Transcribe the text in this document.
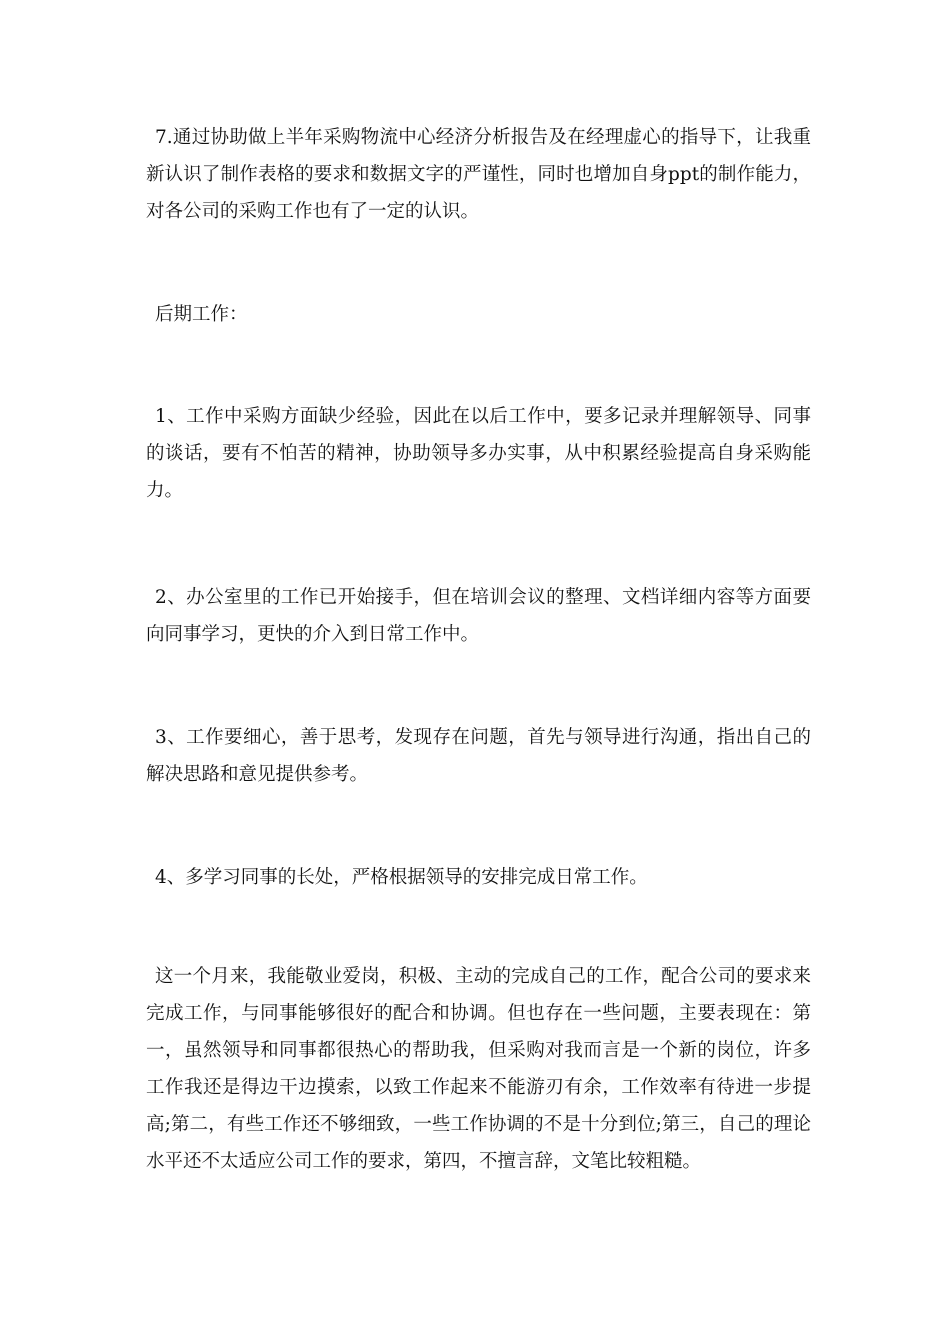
7.通过协助做上半年采购物流中心经济分析报告及在经理虚心的指导下，让我重新认识了制作表格的要求和数据文字的严谨性，同时也增加自身ppt的制作能力，对各公司的采购工作也有了一定的认识。

后期工作：

1、工作中采购方面缺少经验，因此在以后工作中，要多记录并理解领导、同事的谈话，要有不怕苦的精神，协助领导多办实事，从中积累经验提高自身采购能力。

2、办公室里的工作已开始接手，但在培训会议的整理、文档详细内容等方面要向同事学习，更快的介入到日常工作中。

3、工作要细心，善于思考，发现存在问题，首先与领导进行沟通，指出自己的解决思路和意见提供参考。

4、多学习同事的长处，严格根据领导的安排完成日常工作。

这一个月来，我能敬业爱岗，积极、主动的完成自己的工作，配合公司的要求来完成工作，与同事能够很好的配合和协调。但也存在一些问题，主要表现在：第一，虽然领导和同事都很热心的帮助我，但采购对我而言是一个新的岗位，许多工作我还是得边干边摸索，以致工作起来不能游刃有余，工作效率有待进一步提高;第二，有些工作还不够细致，一些工作协调的不是十分到位;第三，自己的理论水平还不太适应公司工作的要求，第四，不擅言辞，文笔比较粗糙。
